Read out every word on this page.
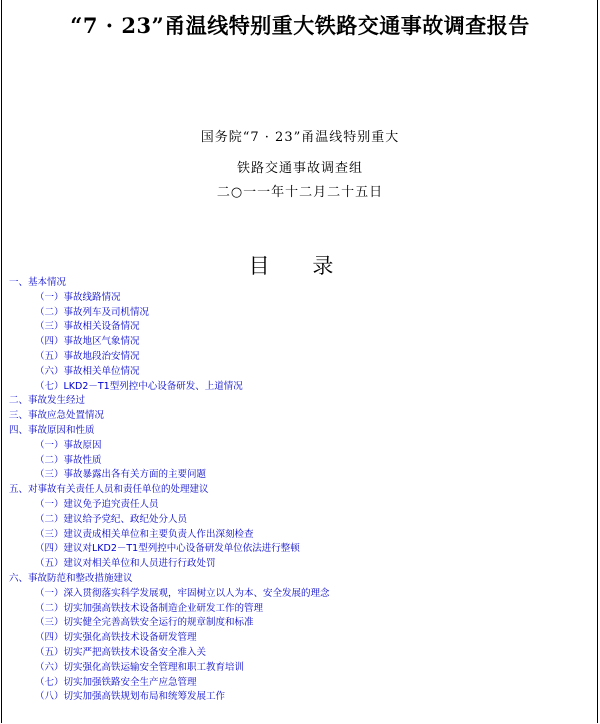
“7 · 23”甬温线特别重大铁路交通事故调查报告
国务院“7 · 23”甬温线特别重大
铁路交通事故调查组
二○一一年十二月二十五日
目 录
一、基本情况
（一）事故线路情况
（二）事故列车及司机情况
（三）事故相关设备情况
（四）事故地区气象情况
（五）事故地段治安情况
（六）事故相关单位情况
（七）LKD2－T1型列控中心设备研发、上道情况
二、事故发生经过
三、事故应急处置情况
四、事故原因和性质
（一）事故原因
（二）事故性质
（三）事故暴露出各有关方面的主要问题
五、对事故有关责任人员和责任单位的处理建议
（一）建议免予追究责任人员
（二）建议给予党纪、政纪处分人员
（三）建议责成相关单位和主要负责人作出深刻检查
（四）建议对LKD2－T1型列控中心设备研发单位依法进行整顿
（五）建议对相关单位和人员进行行政处罚
六、事故防范和整改措施建议
（一）深入贯彻落实科学发展观，牢固树立以人为本、安全发展的理念
（二）切实加强高铁技术设备制造企业研发工作的管理
（三）切实健全完善高铁安全运行的规章制度和标准
（四）切实强化高铁技术设备研发管理
（五）切实严把高铁技术设备安全准入关
（六）切实强化高铁运输安全管理和职工教育培训
（七）切实加强铁路安全生产应急管理
（八）切实加强高铁规划布局和统筹发展工作
